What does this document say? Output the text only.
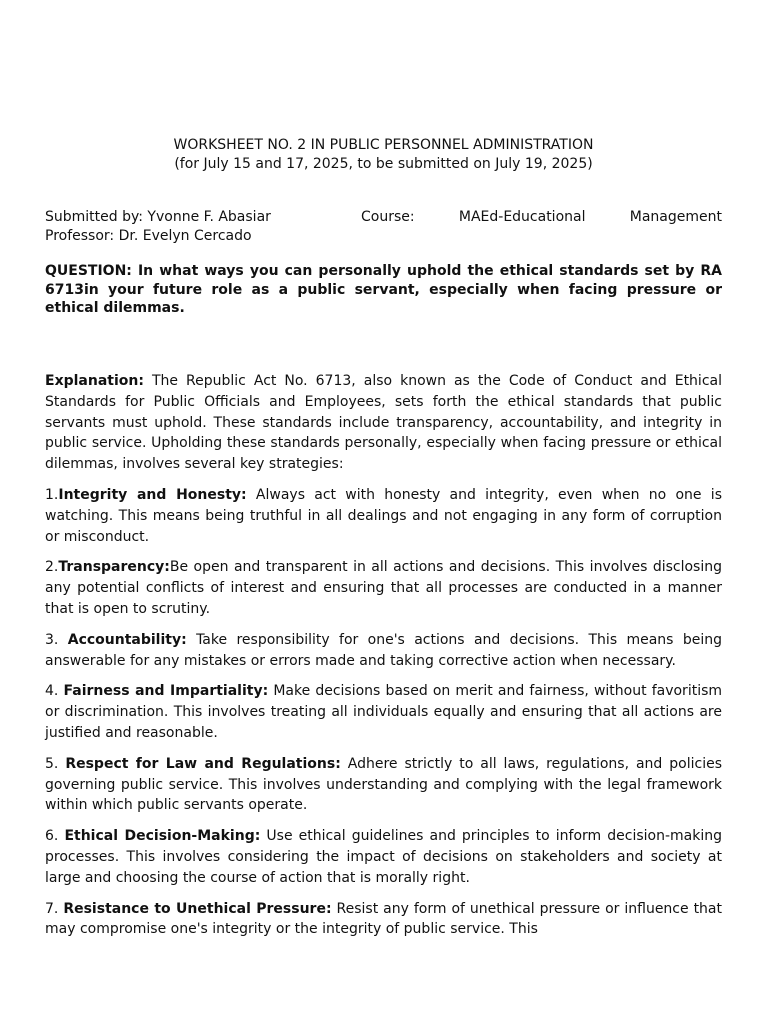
WORKSHEET NO. 2 IN PUBLIC PERSONNEL ADMINISTRATION
(for July 15 and 17, 2025, to be submitted on July 19, 2025)
Submitted by: Yvonne F. Abasiar	Course:	MAEd-Educational	Management
Professor: Dr. Evelyn Cercado

QUESTION: In what ways you can personally uphold the ethical standards set by RA 6713in your future role as a public servant, especially when facing pressure or ethical dilemmas.

Explanation: The Republic Act No. 6713, also known as the Code of Conduct and Ethical Standards for Public Officials and Employees, sets forth the ethical standards that public servants must uphold. These standards include transparency, accountability, and integrity in public service. Upholding these standards personally, especially when facing pressure or ethical dilemmas, involves several key strategies:

1.Integrity and Honesty: Always act with honesty and integrity, even when no one is watching. This means being truthful in all dealings and not engaging in any form of corruption or misconduct.

2.Transparency:Be open and transparent in all actions and decisions. This involves disclosing any potential conflicts of interest and ensuring that all processes are conducted in a manner that is open to scrutiny.

3. Accountability: Take responsibility for one's actions and decisions. This means being answerable for any mistakes or errors made and taking corrective action when necessary.

4. Fairness and Impartiality: Make decisions based on merit and fairness, without favoritism or discrimination. This involves treating all individuals equally and ensuring that all actions are justified and reasonable.

5. Respect for Law and Regulations: Adhere strictly to all laws, regulations, and policies governing public service. This involves understanding and complying with the legal framework within which public servants operate.

6. Ethical Decision-Making: Use ethical guidelines and principles to inform decision-making processes. This involves considering the impact of decisions on stakeholders and society at large and choosing the course of action that is morally right.

7. Resistance to Unethical Pressure: Resist any form of unethical pressure or influence that may compromise one's integrity or the integrity of public service. This
